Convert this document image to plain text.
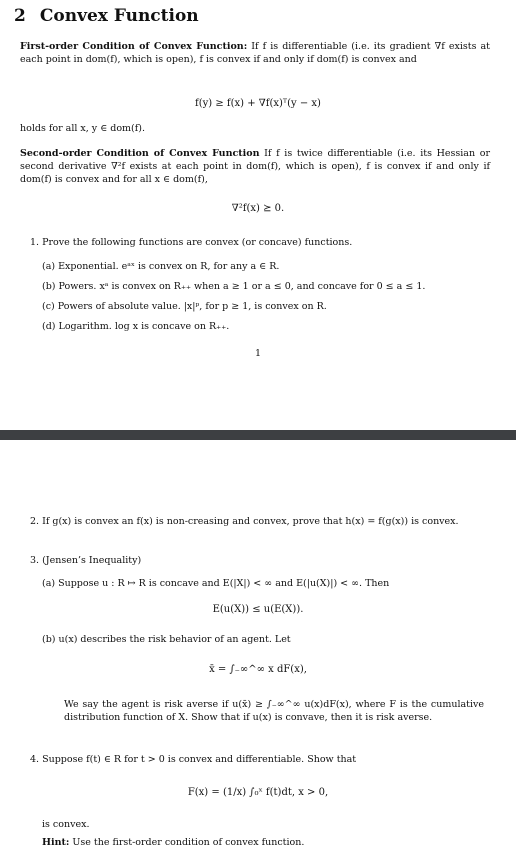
2 Convex Function
First-order Condition of Convex Function: If f is differentiable (i.e. its gradient ∇f exists at each point in dom(f), which is open), f is convex if and only if dom(f) is convex and
f(y) ≥ f(x) + ∇f(x)ᵀ(y − x)
holds for all x, y ∈ dom(f).
Second-order Condition of Convex Function If f is twice differentiable (i.e. its Hessian or second derivative ∇²f exists at each point in dom(f), which is open), f is convex if and only if dom(f) is convex and for all x ∈ dom(f),
∇²f(x) ⪰ 0.
1. Prove the following functions are convex (or concave) functions.
(a) Exponential. eᵃˣ is convex on R, for any a ∈ R.
(b) Powers. xᵃ is convex on R₊₊ when a ≥ 1 or a ≤ 0, and concave for 0 ≤ a ≤ 1.
(c) Powers of absolute value. |x|ᵖ, for p ≥ 1, is convex on R.
(d) Logarithm. log x is concave on R₊₊.
1
2. If g(x) is convex an f(x) is non-creasing and convex, prove that h(x) = f(g(x)) is convex.
3. (Jensen’s Inequality)
(a) Suppose u : R ↦ R is concave and E(|X|) < ∞ and E(|u(X)|) < ∞. Then
E(u(X)) ≤ u(E(X)).
(b) u(x) describes the risk behavior of an agent. Let
x̄ = ∫₋∞^∞ x dF(x),
We say the agent is risk averse if u(x̄) ≥ ∫₋∞^∞ u(x)dF(x), where F is the cumulative distribution function of X. Show that if u(x) is convave, then it is risk averse.
4. Suppose f(t) ∈ R for t > 0 is convex and differentiable. Show that
F(x) = (1/x) ∫₀ˣ f(t)dt, x > 0,
is convex.
Hint: Use the first-order condition of convex function.
